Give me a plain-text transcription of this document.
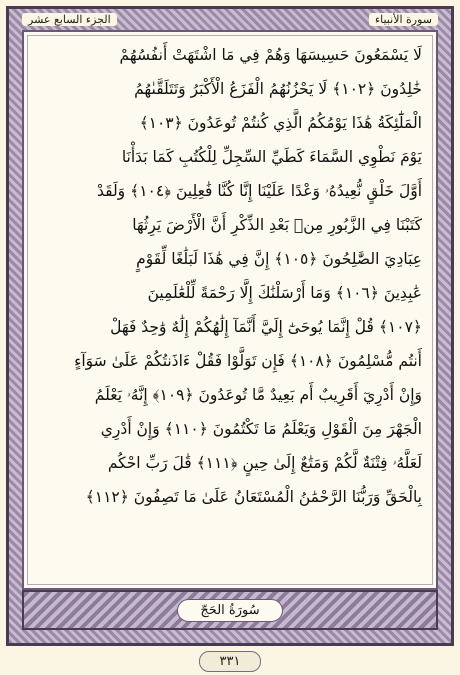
الجزء السابع عشر	سورة الأنبياء
لَا يَسْمَعُونَ حَسِيسَهَا وَهُمْ فِي مَا اشْتَهَتْ أَنفُسُهُمْ
خَٰلِدُونَ ﴿١٠٢﴾ لَا يَحْزُنُهُمُ الْفَزَعُ الْأَكْبَرُ وَتَتَلَقَّىٰهُمُ
الْمَلَٰٓئِكَةُ هَٰذَا يَوْمُكُمُ الَّذِي كُنتُمْ تُوعَدُونَ ﴿١٠٣﴾
يَوْمَ نَطْوِي السَّمَاءَ كَطَيِّ السِّجِلِّ لِلْكُتُبِ كَمَا بَدَأْنَا
أَوَّلَ خَلْقٍ نُّعِيدُهُۥ وَعْدًا عَلَيْنَا إِنَّا كُنَّا فَٰعِلِينَ ﴿١٠٤﴾ وَلَقَدْ
كَتَبْنَا فِي الزَّبُورِ مِنۢ بَعْدِ الذِّكْرِ أَنَّ الْأَرْضَ يَرِثُهَا
عِبَادِيَ الصَّٰلِحُونَ ﴿١٠٥﴾ إِنَّ فِي هَٰذَا لَبَلَٰغًا لِّقَوْمٍ
عَٰبِدِينَ ﴿١٠٦﴾ وَمَا أَرْسَلْنَٰكَ إِلَّا رَحْمَةً لِّلْعَٰلَمِينَ
﴿١٠٧﴾ قُلْ إِنَّمَا يُوحَىٰٓ إِلَيَّ أَنَّمَآ إِلَٰهُكُمْ إِلَٰهٌ وَٰحِدٌ فَهَلْ
أَنتُم مُّسْلِمُونَ ﴿١٠٨﴾ فَإِن تَوَلَّوْا فَقُلْ ءَاذَنتُكُمْ عَلَىٰ سَوَآءٍ
وَإِنْ أَدْرِيٓ أَقَرِيبٌ أَم بَعِيدٌ مَّا تُوعَدُونَ ﴿١٠٩﴾ إِنَّهُۥ يَعْلَمُ
الْجَهْرَ مِنَ الْقَوْلِ وَيَعْلَمُ مَا تَكْتُمُونَ ﴿١١٠﴾ وَإِنْ أَدْرِي
لَعَلَّهُۥ فِتْنَةٌ لَّكُمْ وَمَتَٰعٌ إِلَىٰ حِينٍ ﴿١١١﴾ قَٰلَ رَبِّ احْكُم
بِالْحَقِّ وَرَبُّنَا الرَّحْمَٰنُ الْمُسْتَعَانُ عَلَىٰ مَا تَصِفُونَ ﴿١١٢﴾
سُورَةُ الحَجّ
٣٣١
